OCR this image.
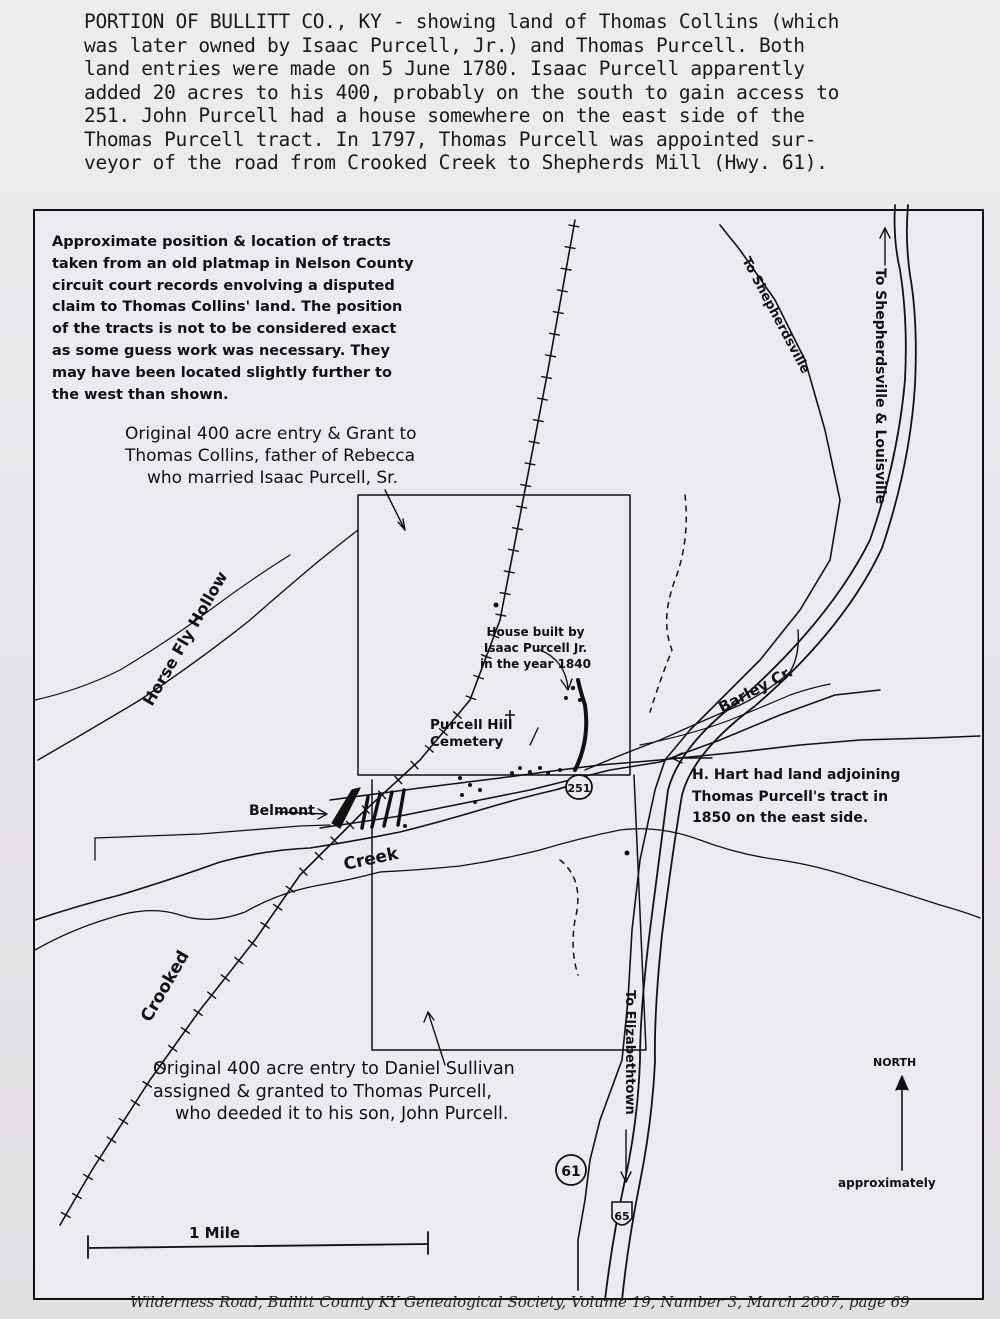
PORTION OF BULLITT CO., KY - showing land of Thomas Collins (which
was later owned by Isaac Purcell, Jr.) and Thomas Purcell. Both
land entries were made on 5 June 1780. Isaac Purcell apparently
added 20 acres to his 400, probably on the south to gain access to
251. John Purcell had a house somewhere on the east side of the
Thomas Purcell tract. In 1797, Thomas Purcell was appointed sur-
veyor of the road from Crooked Creek to Shepherds Mill (Hwy. 61).
251
61
65
Horse Fly Hollow
Crooked
Creek
Barley Cr.
To Shepherdsville	To Shepherdsville & Louisville
To Elizabethtown
Belmont
NORTH
approximately
1 Mile
Approximate position & location of tracts
taken from an old platmap in Nelson County
circuit court records envolving a disputed
claim to Thomas Collins' land. The position
of the tracts is not to be considered exact
as some guess work was necessary. They
may have been located slightly further to
the west than shown.
Original 400 acre entry & Grant to
Thomas Collins, father of Rebecca
who married Isaac Purcell, Sr.
House built by
Isaac Purcell Jr.
in the year 1840
Purcell Hill
Cemetery
H. Hart had land adjoining
Thomas Purcell's tract in
1850 on the east side.
Original 400 acre entry to Daniel Sullivan
assigned & granted to Thomas Purcell,
who deeded it to his son, John Purcell.
Wilderness Road, Bullitt County KY Genealogical Society, Volume 19, Number 3, March 2007, page 69
